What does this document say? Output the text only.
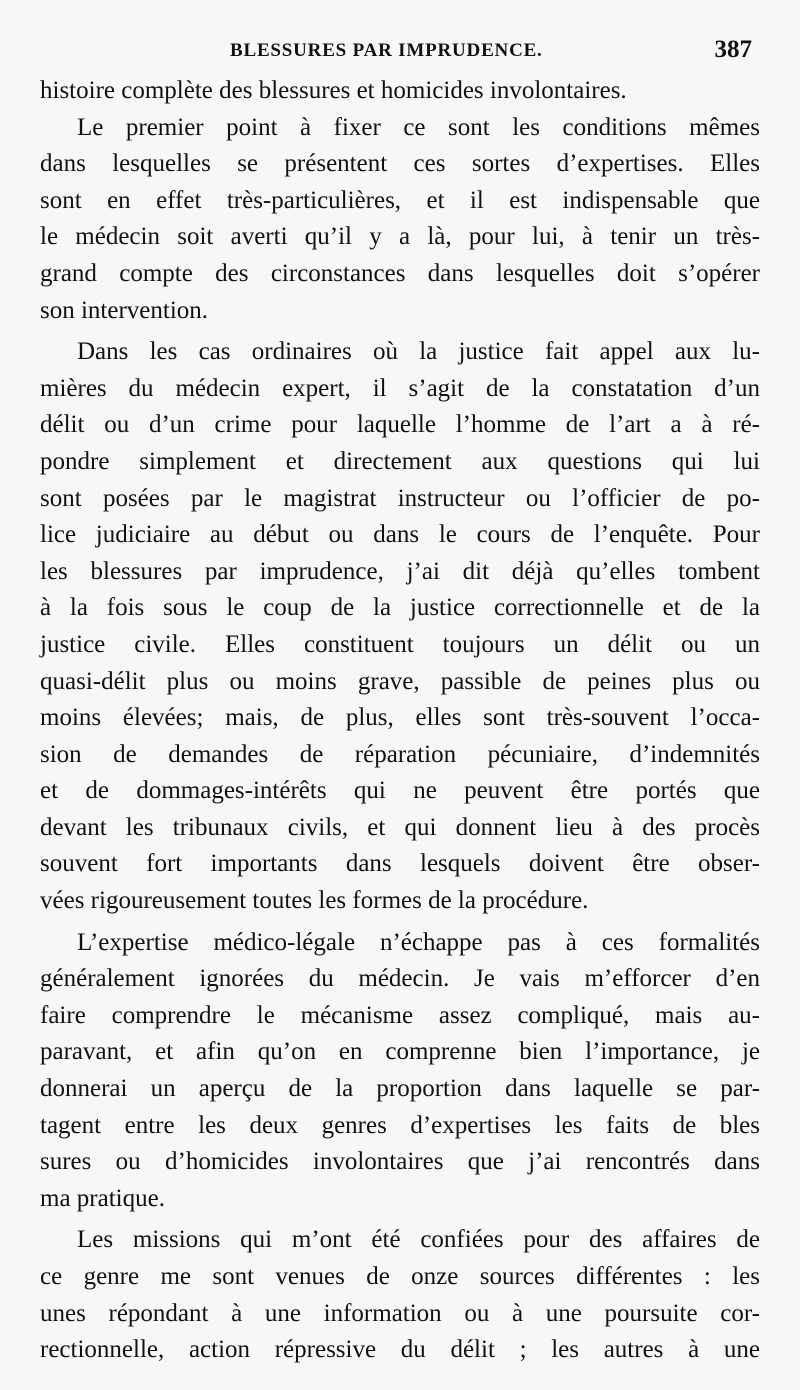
BLESSURES PAR IMPRUDENCE.	387
histoire complète des blessures et homicides involontaires.
Le premier point à fixer ce sont les conditions mêmes
dans lesquelles se présentent ces sortes d’expertises. Elles
sont en effet très-particulières, et il est indispensable que
le médecin soit averti qu’il y a là, pour lui, à tenir un très-
grand compte des circonstances dans lesquelles doit s’opérer
son intervention.
Dans les cas ordinaires où la justice fait appel aux lu-
mières du médecin expert, il s’agit de la constatation d’un
délit ou d’un crime pour laquelle l’homme de l’art a à ré-
pondre simplement et directement aux questions qui lui
sont posées par le magistrat instructeur ou l’officier de po-
lice judiciaire au début ou dans le cours de l’enquête. Pour
les blessures par imprudence, j’ai dit déjà qu’elles tombent
à la fois sous le coup de la justice correctionnelle et de la
justice civile. Elles constituent toujours un délit ou un
quasi-délit plus ou moins grave, passible de peines plus ou
moins élevées; mais, de plus, elles sont très-souvent l’occa-
sion de demandes de réparation pécuniaire, d’indemnités
et de dommages-intérêts qui ne peuvent être portés que
devant les tribunaux civils, et qui donnent lieu à des procès
souvent fort importants dans lesquels doivent être obser-
vées rigoureusement toutes les formes de la procédure.
L’expertise médico-légale n’échappe pas à ces formalités
généralement ignorées du médecin. Je vais m’efforcer d’en
faire comprendre le mécanisme assez compliqué, mais au-
paravant, et afin qu’on en comprenne bien l’importance, je
donnerai un aperçu de la proportion dans laquelle se par-
tagent entre les deux genres d’expertises les faits de bles
sures ou d’homicides involontaires que j’ai rencontrés dans
ma pratique.
Les missions qui m’ont été confiées pour des affaires de
ce genre me sont venues de onze sources différentes : les
unes répondant à une information ou à une poursuite cor-
rectionnelle, action répressive du délit ; les autres à une
